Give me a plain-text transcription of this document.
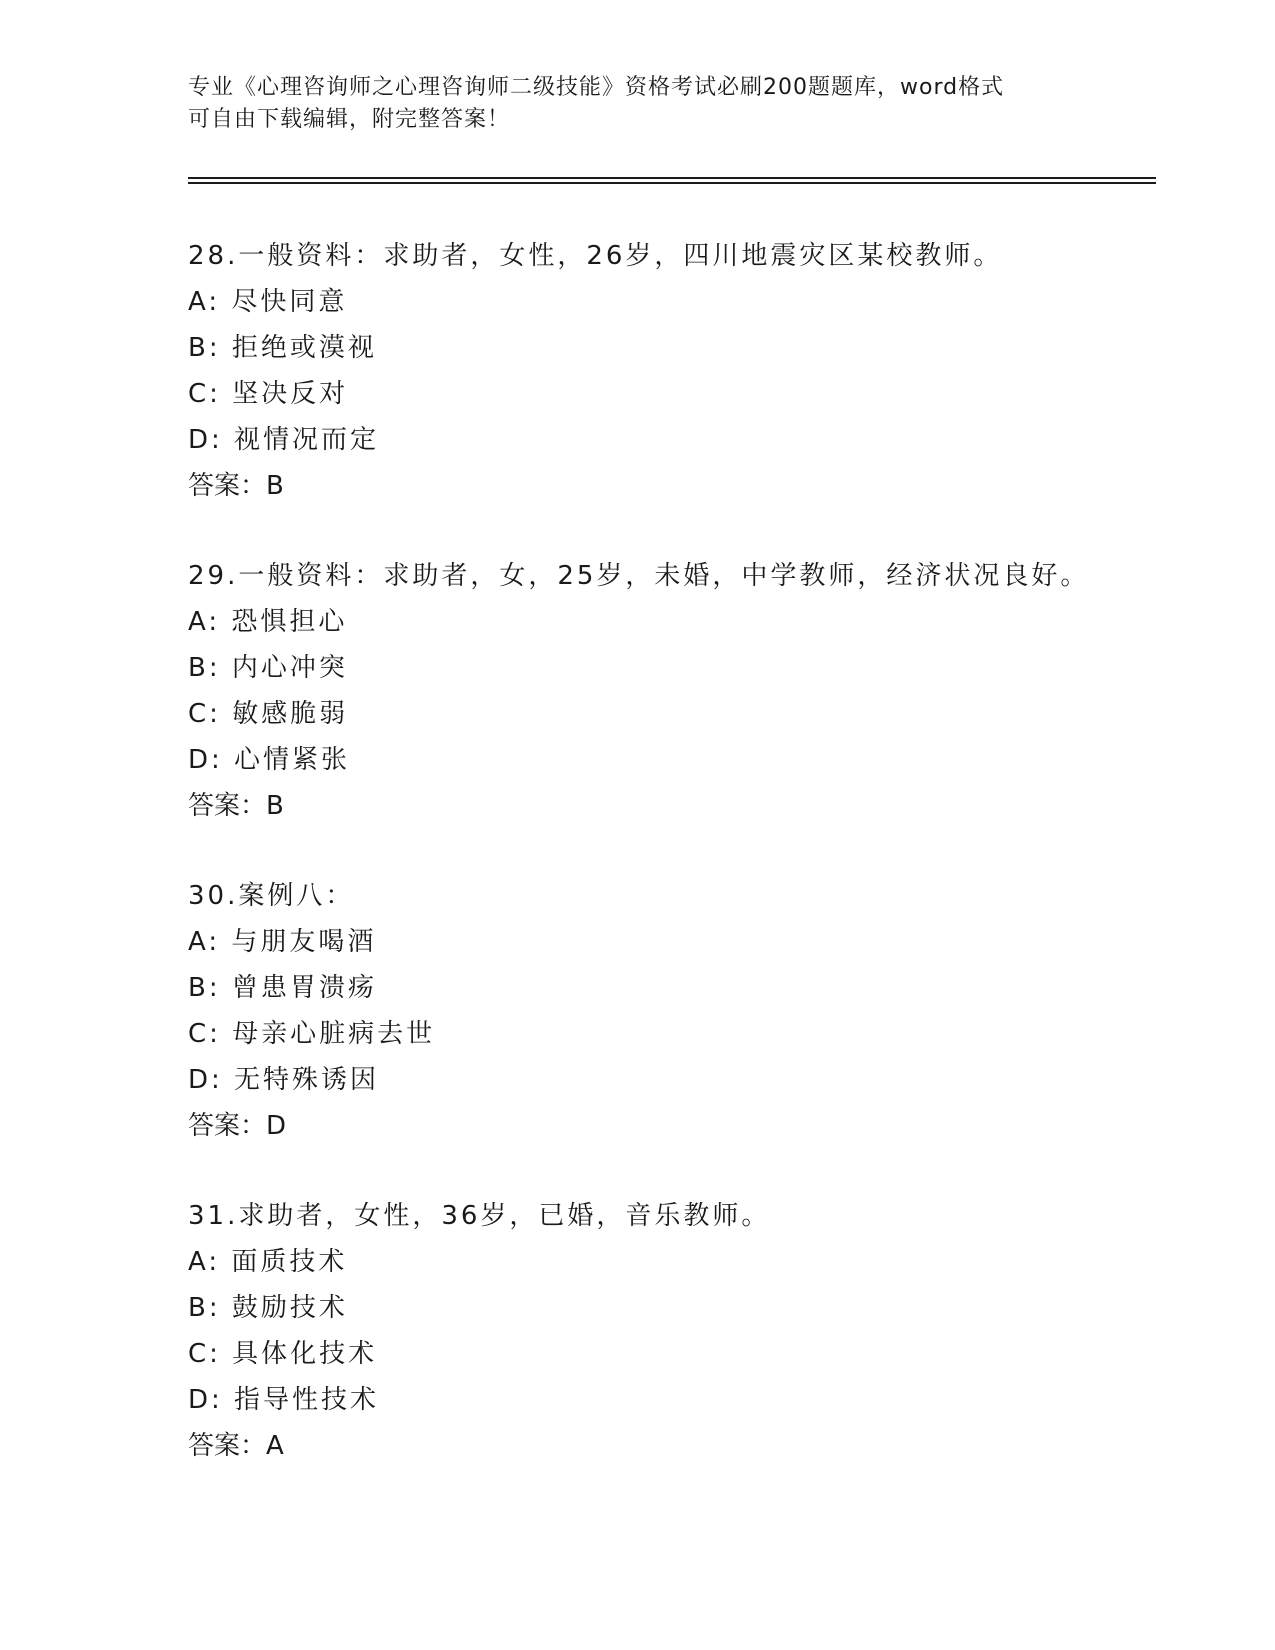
专业《心理咨询师之心理咨询师二级技能》资格考试必刷200题题库，word格式
可自由下载编辑，附完整答案！
28.一般资料：求助者，女性，26岁，四川地震灾区某校教师。
A: 尽快同意
B: 拒绝或漠视
C: 坚决反对
D: 视情况而定
答案：B
29.一般资料：求助者，女，25岁，未婚，中学教师，经济状况良好。
A: 恐惧担心
B: 内心冲突
C: 敏感脆弱
D: 心情紧张
答案：B
30.案例八：
A: 与朋友喝酒
B: 曾患胃溃疡
C: 母亲心脏病去世
D: 无特殊诱因
答案：D
31.求助者，女性，36岁，已婚，音乐教师。
A: 面质技术
B: 鼓励技术
C: 具体化技术
D: 指导性技术
答案：A
